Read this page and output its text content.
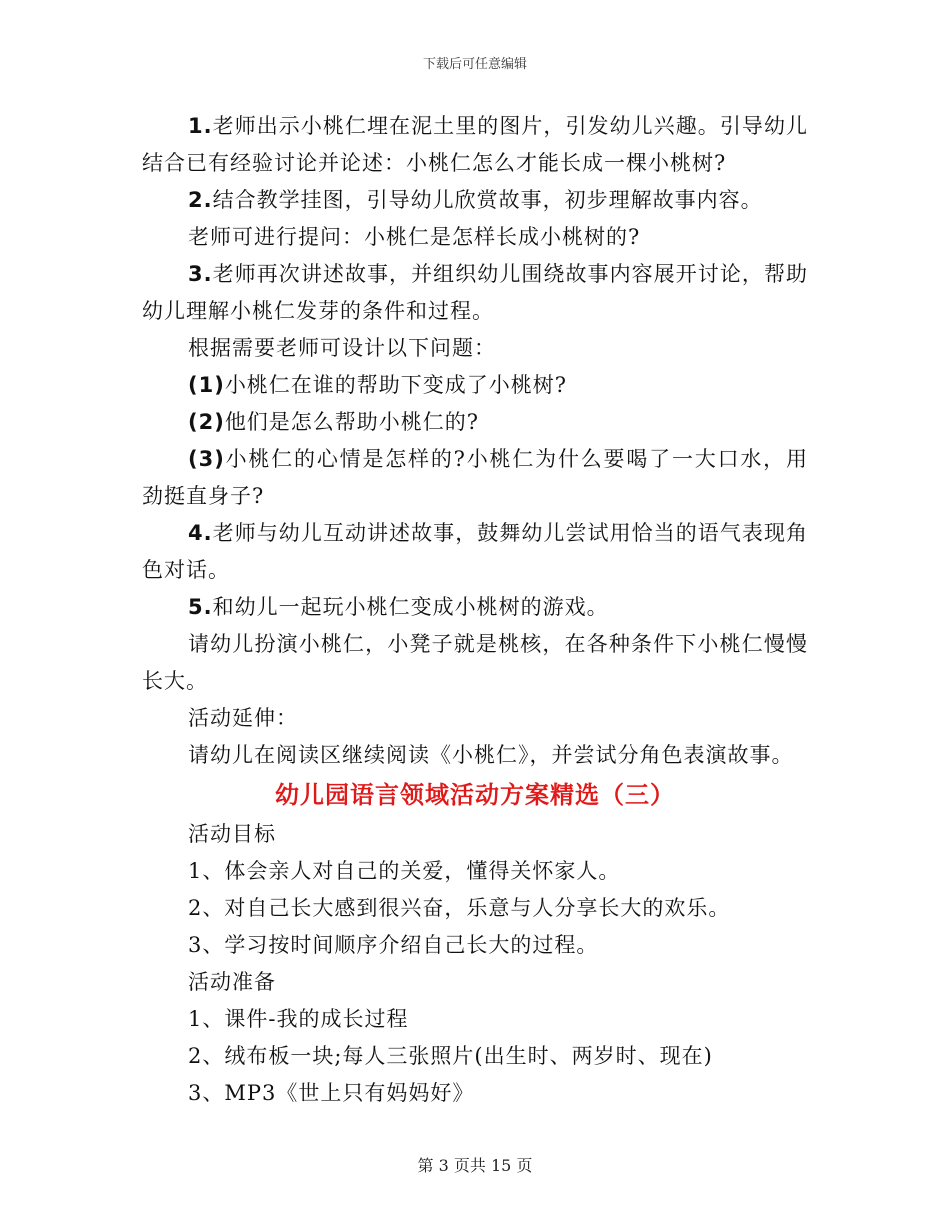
下载后可任意编辑

1.老师出示小桃仁埋在泥土里的图片，引发幼儿兴趣。引导幼儿结合已有经验讨论并论述：小桃仁怎么才能长成一棵小桃树?

2.结合教学挂图，引导幼儿欣赏故事，初步理解故事内容。

老师可进行提问：小桃仁是怎样长成小桃树的?

3.老师再次讲述故事，并组织幼儿围绕故事内容展开讨论，帮助幼儿理解小桃仁发芽的条件和过程。

根据需要老师可设计以下问题：

(1)小桃仁在谁的帮助下变成了小桃树?

(2)他们是怎么帮助小桃仁的?

(3)小桃仁的心情是怎样的?小桃仁为什么要喝了一大口水，用劲挺直身子?

4.老师与幼儿互动讲述故事，鼓舞幼儿尝试用恰当的语气表现角色对话。

5.和幼儿一起玩小桃仁变成小桃树的游戏。

请幼儿扮演小桃仁，小凳子就是桃核，在各种条件下小桃仁慢慢长大。

活动延伸：

请幼儿在阅读区继续阅读《小桃仁》，并尝试分角色表演故事。

幼儿园语言领域活动方案精选（三）

活动目标

1、体会亲人对自己的关爱，懂得关怀家人。

2、对自己长大感到很兴奋，乐意与人分享长大的欢乐。

3、学习按时间顺序介绍自己长大的过程。

活动准备

1、课件-我的成长过程

2、绒布板一块;每人三张照片(出生时、两岁时、现在)

3、MP3《世上只有妈妈好》

第 3 页共 15 页
